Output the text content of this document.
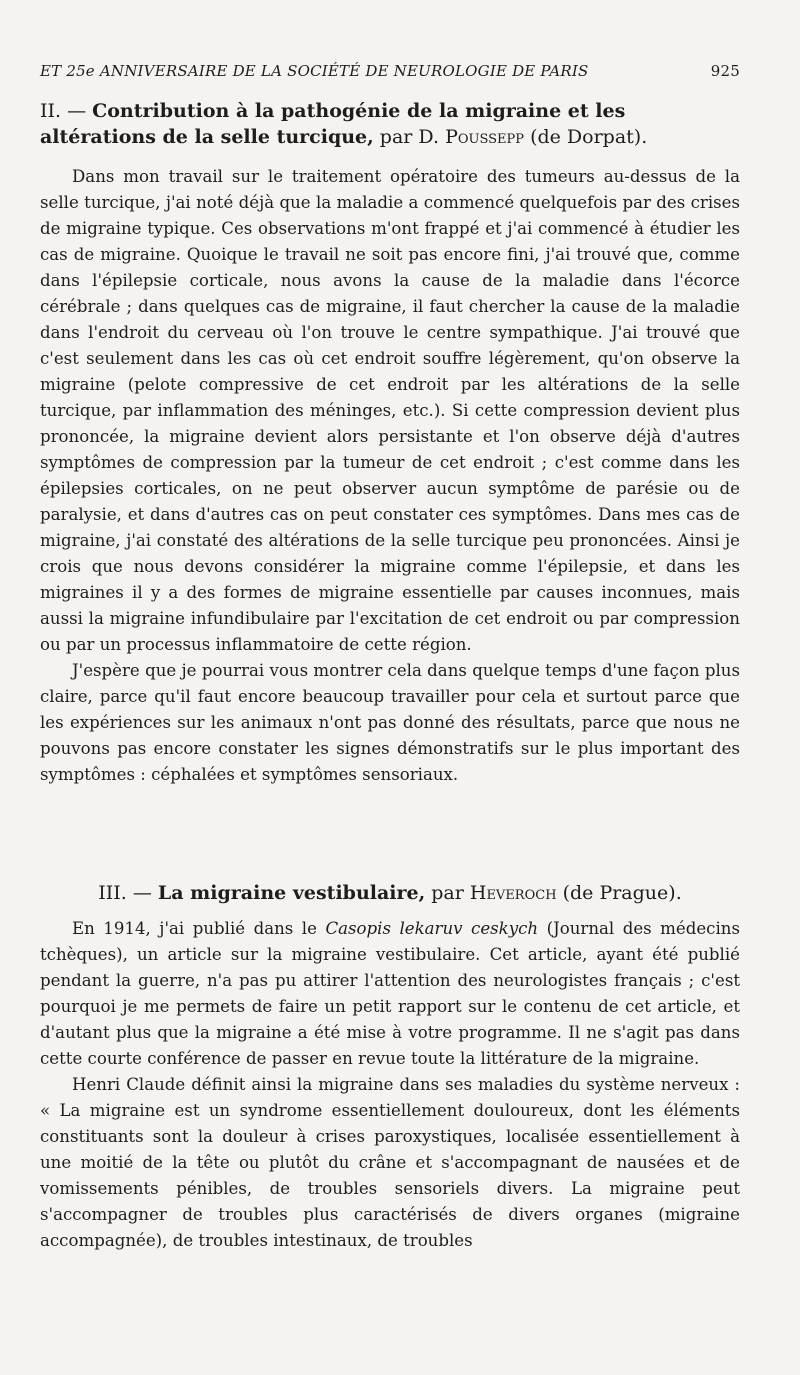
ET 25e ANNIVERSAIRE DE LA SOCIÉTÉ DE NEUROLOGIE DE PARIS	925

II. — Contribution à la pathogénie de la migraine et les altérations de la selle turcique, par D. Poussepp (de Dorpat).

Dans mon travail sur le traitement opératoire des tumeurs au-dessus de la selle turcique, j'ai noté déjà que la maladie a commencé quelquefois par des crises de migraine typique. Ces observations m'ont frappé et j'ai commencé à étudier les cas de migraine. Quoique le travail ne soit pas encore fini, j'ai trouvé que, comme dans l'épilepsie corticale, nous avons la cause de la maladie dans l'écorce cérébrale ; dans quelques cas de migraine, il faut chercher la cause de la maladie dans l'endroit du cerveau où l'on trouve le centre sympathique. J'ai trouvé que c'est seulement dans les cas où cet endroit souffre légèrement, qu'on observe la migraine (pelote compressive de cet endroit par les altérations de la selle turcique, par inflammation des méninges, etc.). Si cette compression devient plus prononcée, la migraine devient alors persistante et l'on observe déjà d'autres symptômes de compression par la tumeur de cet endroit ; c'est comme dans les épilepsies corticales, on ne peut observer aucun symptôme de parésie ou de paralysie, et dans d'autres cas on peut constater ces symptômes. Dans mes cas de migraine, j'ai constaté des altérations de la selle turcique peu prononcées. Ainsi je crois que nous devons considérer la migraine comme l'épilepsie, et dans les migraines il y a des formes de migraine essentielle par causes inconnues, mais aussi la migraine infundibulaire par l'excitation de cet endroit ou par compression ou par un processus inflammatoire de cette région.

J'espère que je pourrai vous montrer cela dans quelque temps d'une façon plus claire, parce qu'il faut encore beaucoup travailler pour cela et surtout parce que les expériences sur les animaux n'ont pas donné des résultats, parce que nous ne pouvons pas encore constater les signes démonstratifs sur le plus important des symptômes : céphalées et symptômes sensoriaux.

III. — La migraine vestibulaire, par Heveroch (de Prague).

En 1914, j'ai publié dans le Casopis lekaruv ceskych (Journal des médecins tchèques), un article sur la migraine vestibulaire. Cet article, ayant été publié pendant la guerre, n'a pas pu attirer l'attention des neurologistes français ; c'est pourquoi je me permets de faire un petit rapport sur le contenu de cet article, et d'autant plus que la migraine a été mise à votre programme. Il ne s'agit pas dans cette courte conférence de passer en revue toute la littérature de la migraine.

Henri Claude définit ainsi la migraine dans ses maladies du système nerveux : « La migraine est un syndrome essentiellement douloureux, dont les éléments constituants sont la douleur à crises paroxystiques, localisée essentiellement à une moitié de la tête ou plutôt du crâne et s'accompagnant de nausées et de vomissements pénibles, de troubles sensoriels divers. La migraine peut s'accompagner de troubles plus caractérisés de divers organes (migraine accompagnée), de troubles intestinaux, de troubles
